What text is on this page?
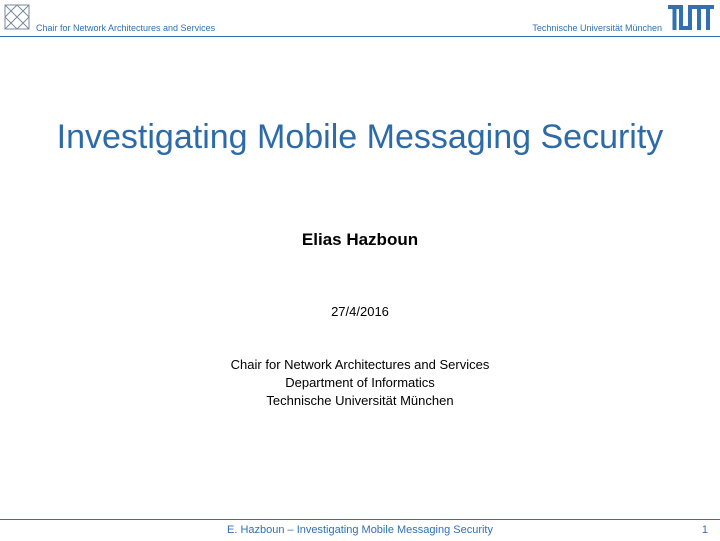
Chair for Network Architectures and Services	Technische Universität München
Investigating Mobile Messaging Security
Elias Hazboun
27/4/2016
Chair for Network Architectures and Services
Department of Informatics
Technische Universität München
E. Hazboun – Investigating Mobile Messaging Security	1
